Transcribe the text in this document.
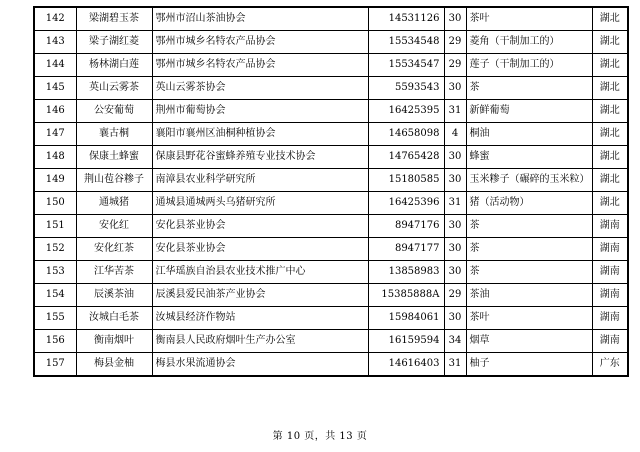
142	梁湖碧玉茶	鄂州市沼山茶油协会	14531126	30	茶叶	湖北
143	梁子湖红菱	鄂州市城乡名特农产品协会	15534548	29	菱角（干制加工的）	湖北
144	杨林湖白莲	鄂州市城乡名特农产品协会	15534547	29	莲子（干制加工的）	湖北
145	英山云雾茶	英山云雾茶协会	5593543	30	茶	湖北
146	公安葡萄	荆州市葡萄协会	16425395	31	新鲜葡萄	湖北
147	襄古桐	襄阳市襄州区油桐种植协会	14658098	4	桐油	湖北
148	保康土蜂蜜	保康县野花谷蜜蜂养殖专业技术协会	14765428	30	蜂蜜	湖北
149	荆山苞谷糁子	南漳县农业科学研究所	15180585	30	玉米糁子（碾碎的玉米粒）	湖北
150	通城猪	通城县通城两头乌猪研究所	16425396	31	猪（活动物）	湖北
151	安化红	安化县茶业协会	8947176	30	茶	湖南
152	安化红茶	安化县茶业协会	8947177	30	茶	湖南
153	江华苦茶	江华瑶族自治县农业技术推广中心	13858983	30	茶	湖南
154	辰溪茶油	辰溪县爱民油茶产业协会	15385888A	29	茶油	湖南
155	汝城白毛茶	汝城县经济作物站	15984061	30	茶叶	湖南
156	衡南烟叶	衡南县人民政府烟叶生产办公室	16159594	34	烟草	湖南
157	梅县金柚	梅县水果流通协会	14616403	31	柚子	广东
第 10 页，共 13 页
